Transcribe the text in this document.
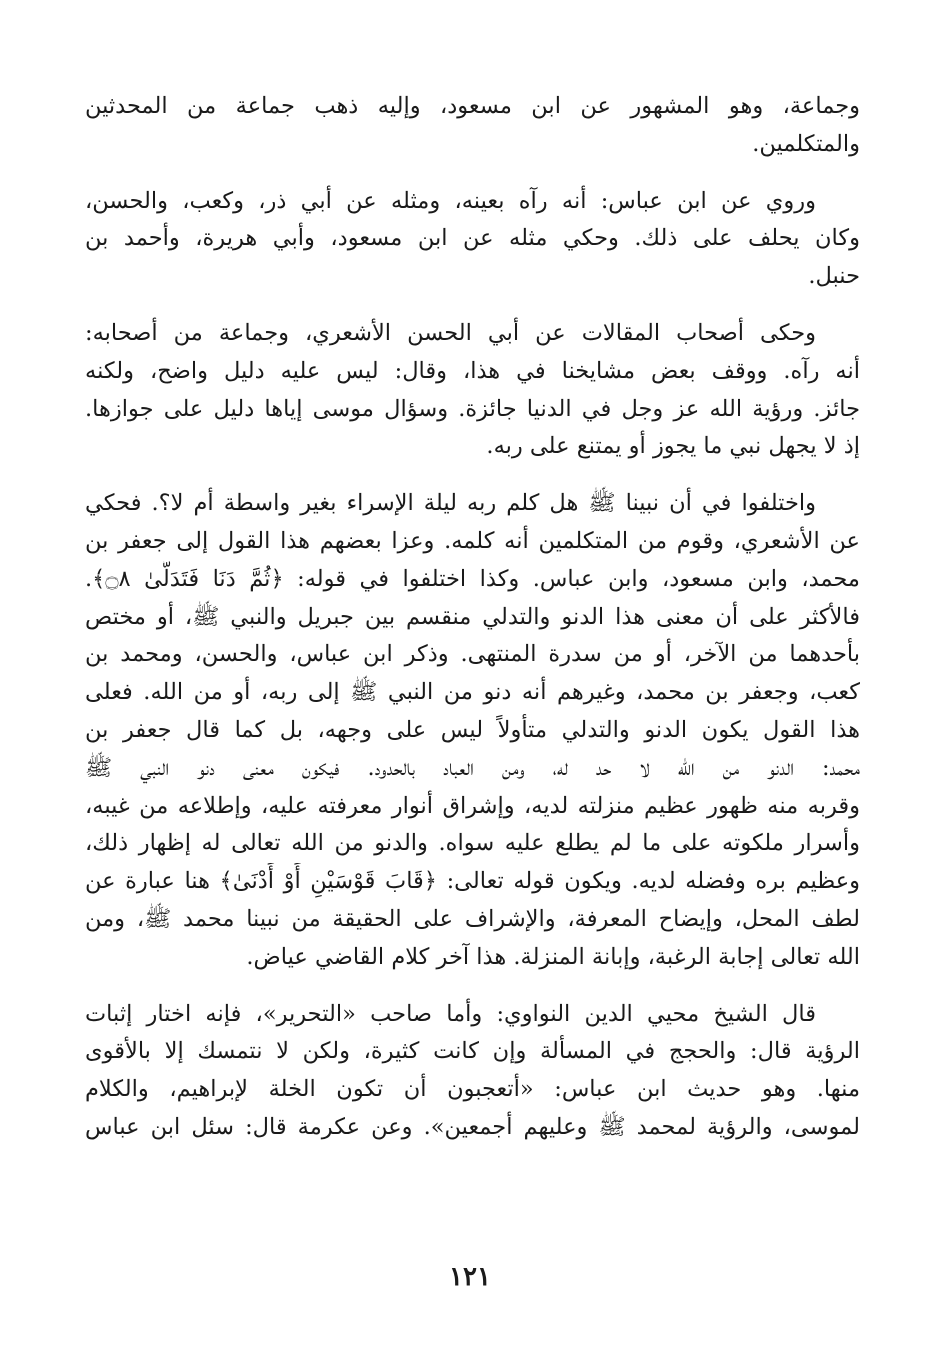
وجماعة، وهو المشهور عن ابن مسعود، وإليه ذهب جماعة من المحدثين
والمتكلمين.

وروي عن ابن عباس: أنه رآه بعينه، ومثله عن أبي ذر، وكعب، والحسن،
وكان يحلف على ذلك. وحكي مثله عن ابن مسعود، وأبي هريرة، وأحمد بن
حنبل.

وحكى أصحاب المقالات عن أبي الحسن الأشعري، وجماعة من أصحابه:
أنه رآه. ووقف بعض مشايخنا في هذا، وقال: ليس عليه دليل واضح، ولكنه
جائز. ورؤية الله عز وجل في الدنيا جائزة. وسؤال موسى إياها دليل على جوازها.
إذ لا يجهل نبي ما يجوز أو يمتنع على ربه.

واختلفوا في أن نبينا ﷺ هل كلم ربه ليلة الإسراء بغير واسطة أم لا؟. فحكي
عن الأشعري، وقوم من المتكلمين أنه كلمه. وعزا بعضهم هذا القول إلى جعفر بن
محمد، وابن مسعود، وابن عباس. وكذا اختلفوا في قوله: ﴿ثُمَّ دَنَا فَتَدَلَّىٰ ۝٨﴾.
فالأكثر على أن معنى هذا الدنو والتدلي منقسم بين جبريل والنبي ﷺ، أو مختص
بأحدهما من الآخر، أو من سدرة المنتهى. وذكر ابن عباس، والحسن، ومحمد بن
كعب، وجعفر بن محمد، وغيرهم أنه دنو من النبي ﷺ إلى ربه، أو من الله. فعلى
هذا القول يكون الدنو والتدلي متأولاً ليس على وجهه، بل كما قال جعفر بن
محمد: الدنو من الله لا حد له، ومن العباد بالحدود. فيكون معنى دنو النبي ﷺ
وقربه منه ظهور عظيم منزلته لديه، وإشراق أنوار معرفته عليه، وإطلاعه من غيبه،
وأسرار ملكوته على ما لم يطلع عليه سواه. والدنو من الله تعالى له إظهار ذلك،
وعظيم بره وفضله لديه. ويكون قوله تعالى: ﴿قَابَ قَوْسَيْنِ أَوْ أَدْنَىٰ﴾ هنا عبارة عن
لطف المحل، وإيضاح المعرفة، والإشراف على الحقيقة من نبينا محمد ﷺ، ومن
الله تعالى إجابة الرغبة، وإبانة المنزلة. هذا آخر كلام القاضي عياض.

قال الشيخ محيي الدين النواوي: وأما صاحب «التحرير»، فإنه اختار إثبات
الرؤية قال: والحجج في المسألة وإن كانت كثيرة، ولكن لا نتمسك إلا بالأقوى
منها. وهو حديث ابن عباس: «أتعجبون أن تكون الخلة لإبراهيم، والكلام
لموسى، والرؤية لمحمد ﷺ وعليهم أجمعين». وعن عكرمة قال: سئل ابن عباس

١٢١
